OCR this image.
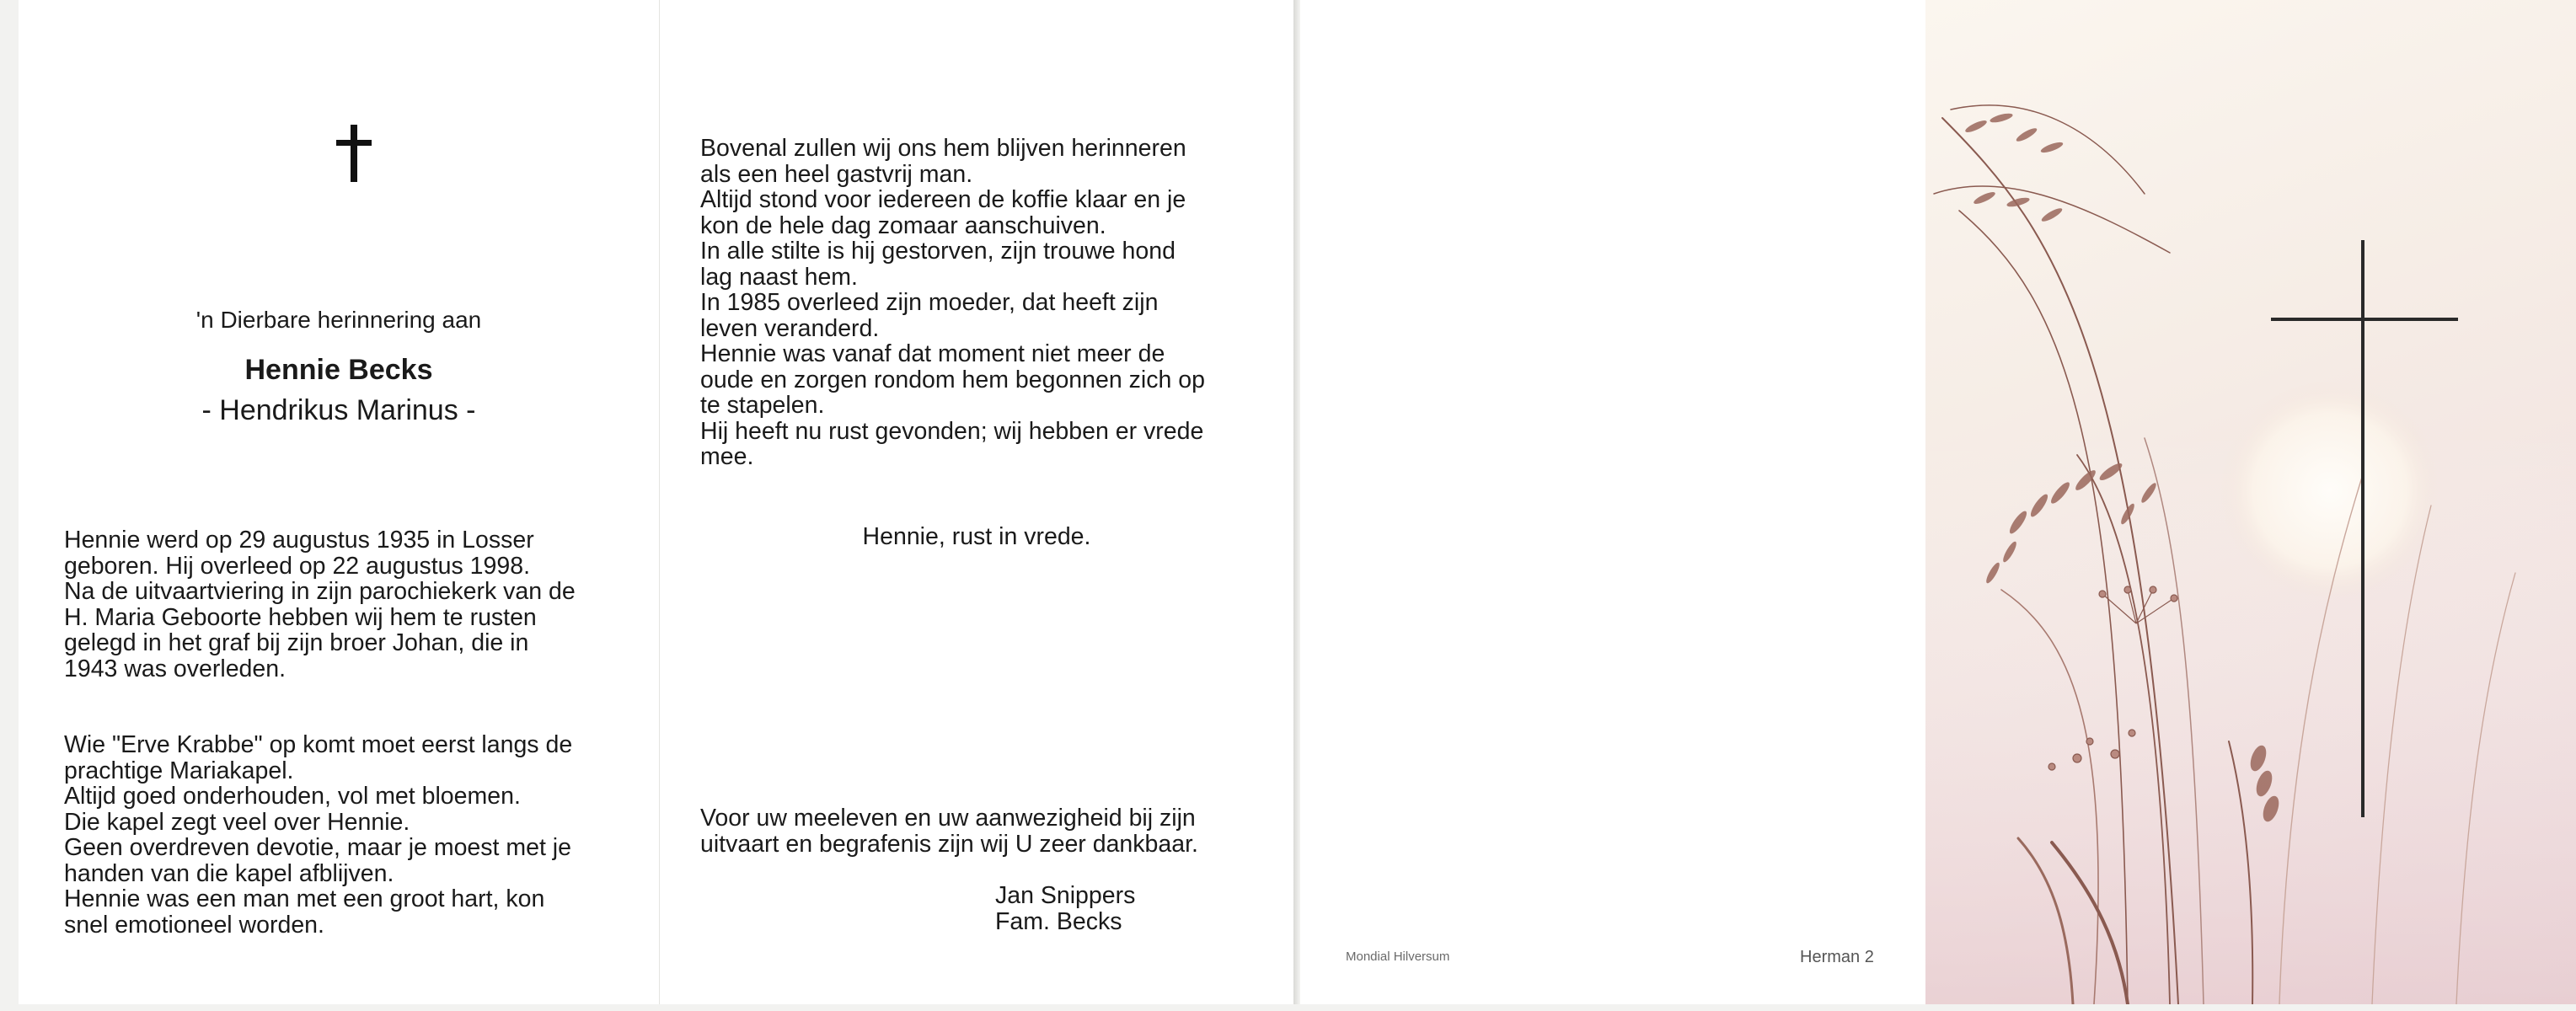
'n Dierbare herinnering aan
Hennie Becks
- Hendrikus Marinus -

Hennie werd op 29 augustus 1935 in Losser
geboren. Hij overleed op 22 augustus 1998.
Na de uitvaartviering in zijn parochiekerk van de
H. Maria Geboorte hebben wij hem te rusten
gelegd in het graf bij zijn broer Johan, die in
1943 was overleden.

Wie "Erve Krabbe" op komt moet eerst langs de
prachtige Mariakapel.
Altijd goed onderhouden, vol met bloemen.
Die kapel zegt veel over Hennie.
Geen overdreven devotie, maar je moest met je
handen van die kapel afblijven.
Hennie was een man met een groot hart, kon
snel emotioneel worden.

Bovenal zullen wij ons hem blijven herinneren
als een heel gastvrij man.
Altijd stond voor iedereen de koffie klaar en je
kon de hele dag zomaar aanschuiven.
In alle stilte is hij gestorven, zijn trouwe hond
lag naast hem.
In 1985 overleed zijn moeder, dat heeft zijn
leven veranderd.
Hennie was vanaf dat moment niet meer de
oude en zorgen rondom hem begonnen zich op
te stapelen.
Hij heeft nu rust gevonden; wij hebben er vrede
mee.

Hennie, rust in vrede.

Voor uw meeleven en uw aanwezigheid bij zijn
uitvaart en begrafenis zijn wij U zeer dankbaar.

Jan Snippers
Fam. Becks
Mondial Hilversum	Herman 2
